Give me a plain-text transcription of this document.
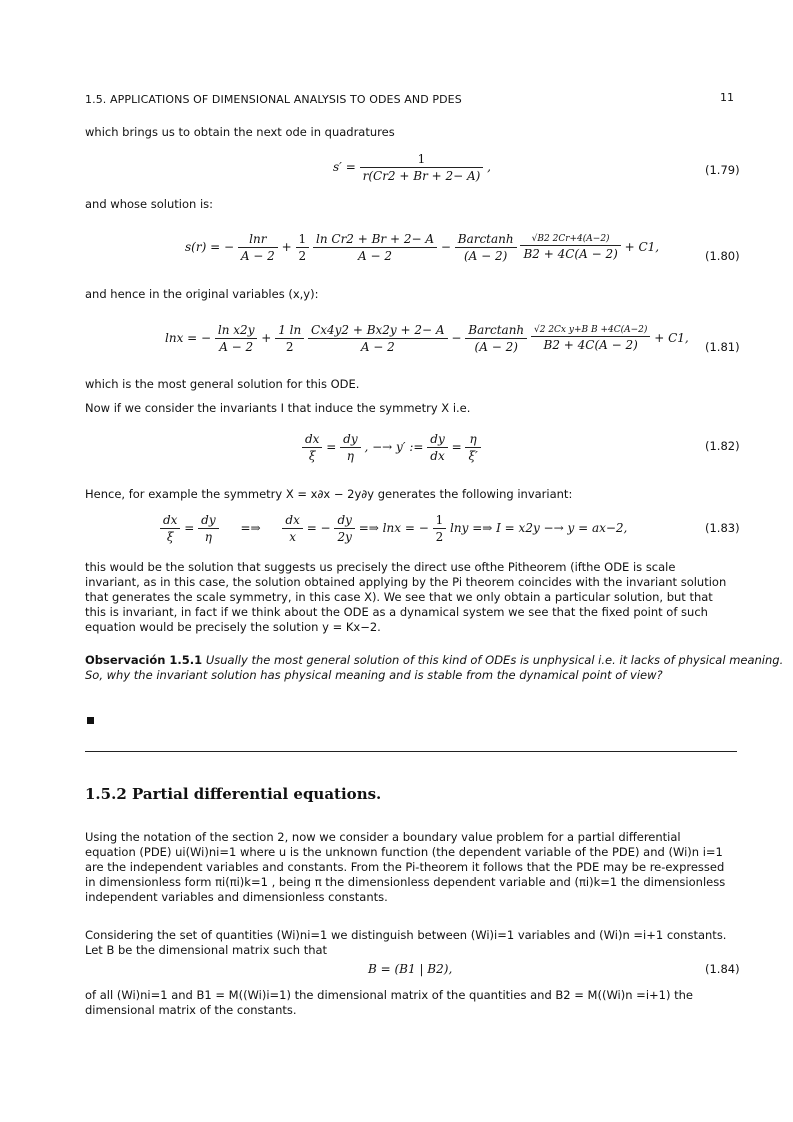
1.5. APPLICATIONS OF DIMENSIONAL ANALYSIS TO ODES AND PDES	11
which brings us to obtain the next ode in quadratures
$s' = \frac{1}{r(Cr2 + Br + 2- A)}$ ,	(1.79)
and whose solution is:
s(r) = − $\frac{\ln r}{A - 2} + \frac{1}{2}$
$\frac{\text{ln Cr2 + Br + 2− A}}{A - 2} - \frac{Barctanh}{(A - 2)}$
$\frac{√B2 2Cr+4(A-2)}{B2 + 4C(A - 2)} + C1$,
(1.80)
and hence in the original variables (x,y):
lnx = − $\frac{\text{ln x2y}}{A - 2} + \frac{1 \ln}{2}$
$\frac{Cx4y2 + Bx2y + 2- A}{A - 2} - \frac{Barctanh}{(A - 2)}$
$\frac{\text{√2 2Cx y+B B +4C(A−2)}}{B2 + 4C(A - 2)} + C1$,
(1.81)
which is the most general solution for this ODE.
Now if we consider the invariants I that induce the symmetry X i.e.
$\frac{dx}{\xi} = \frac{dy}{\eta}$ , −→ y′ := $\frac{dy}{dx} = \frac{\eta}{\xi'}$	(1.82)
Hence, for example the symmetry X = x∂x − 2y∂y generates the following invariant:
$\frac{dx}{\xi} = \frac{dy}{\eta}$ =⇒ $\frac{dx}{x}$ = − $\frac{dy}{2y}$ =⇒ lnx = − $\frac{1}{2}$ lny =⇒ I = x2y −→ y = ax−2,	(1.83)
this would be the solution that suggests us precisely the direct use ofthe Pitheorem (ifthe ODE is scale invariant, as in this case, the solution obtained applying by the Pi theorem coincides with the invariant solution that generates the scale symmetry, in this case X). We see that we only obtain a particular solution, but that this is invariant, in fact if we think about the ODE as a dynamical system we see that the fixed point of such equation would be precisely the solution y = Kx−2.
Observación 1.5.1 Usually the most general solution of this kind of ODEs is unphysical i.e. it lacks of physical meaning. So, why the invariant solution has physical meaning and is stable from the dynamical point of view?
1.5.2 Partial differential equations.
Using the notation of the section 2, now we consider a boundary value problem for a partial differential equation (PDE) ui(Wi)ni=1 where u is the unknown function (the dependent variable of the PDE) and (Wi)n i=1 are the independent variables and constants. From the Pi-theorem it follows that the PDE may be re-expressed in dimensionless form πi(πi)k=1 , being π the dimensionless dependent variable and (πi)k=1 the dimensionless independent variables and dimensionless constants.
Considering the set of quantities (Wi)ni=1 we distinguish between (Wi)i=1 variables and (Wi)n =i+1 constants. Let B be the dimensional matrix such that
B = (B1 | B2),	(1.84)
of all (Wi)ni=1 and B1 = M((Wi)i=1) the dimensional matrix of the quantities and B2 = M((Wi)n =i+1) the dimensional matrix of the constants.
